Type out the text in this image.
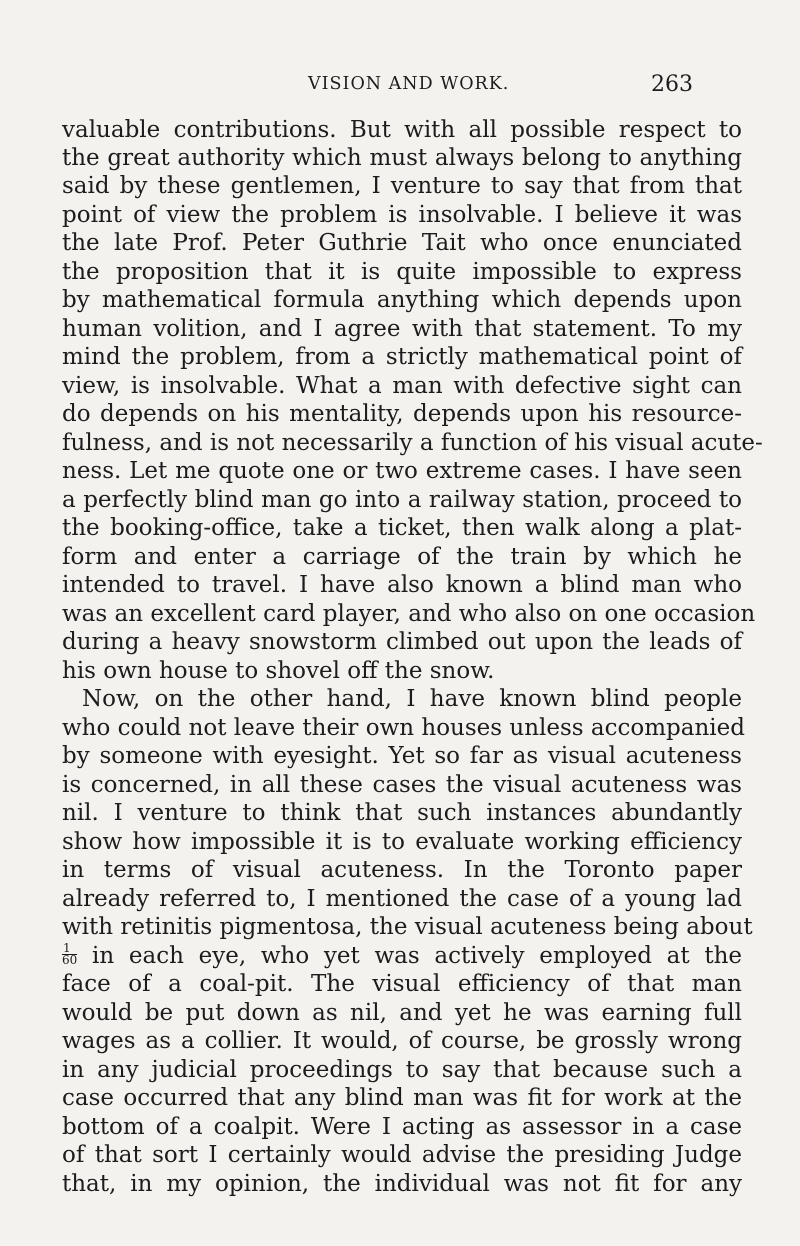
VISION AND WORK.	263
valuable contributions. But with all possible respect to
the great authority which must always belong to anything
said by these gentlemen, I venture to say that from that
point of view the problem is insolvable. I believe it was
the late Prof. Peter Guthrie Tait who once enunciated
the proposition that it is quite impossible to express
by mathematical formula anything which depends upon
human volition, and I agree with that statement. To my
mind the problem, from a strictly mathematical point of
view, is insolvable. What a man with defective sight can
do depends on his mentality, depends upon his resource-
fulness, and is not necessarily a function of his visual acute-
ness. Let me quote one or two extreme cases. I have seen
a perfectly blind man go into a railway station, proceed to
the booking-office, take a ticket, then walk along a plat-
form and enter a carriage of the train by which he
intended to travel. I have also known a blind man who
was an excellent card player, and who also on one occasion
during a heavy snowstorm climbed out upon the leads of
his own house to shovel off the snow.
Now, on the other hand, I have known blind people
who could not leave their own houses unless accompanied
by someone with eyesight. Yet so far as visual acuteness
is concerned, in all these cases the visual acuteness was
nil. I venture to think that such instances abundantly
show how impossible it is to evaluate working efficiency
in terms of visual acuteness. In the Toronto paper
already referred to, I mentioned the case of a young lad
with retinitis pigmentosa, the visual acuteness being about
$\frac{1}{60}$ in each eye, who yet was actively employed at the
face of a coal-pit. The visual efficiency of that man
would be put down as nil, and yet he was earning full
wages as a collier. It would, of course, be grossly wrong
in any judicial proceedings to say that because such a
case occurred that any blind man was fit for work at the
bottom of a coalpit. Were I acting as assessor in a case
of that sort I certainly would advise the presiding Judge
that, in my opinion, the individual was not fit for any
